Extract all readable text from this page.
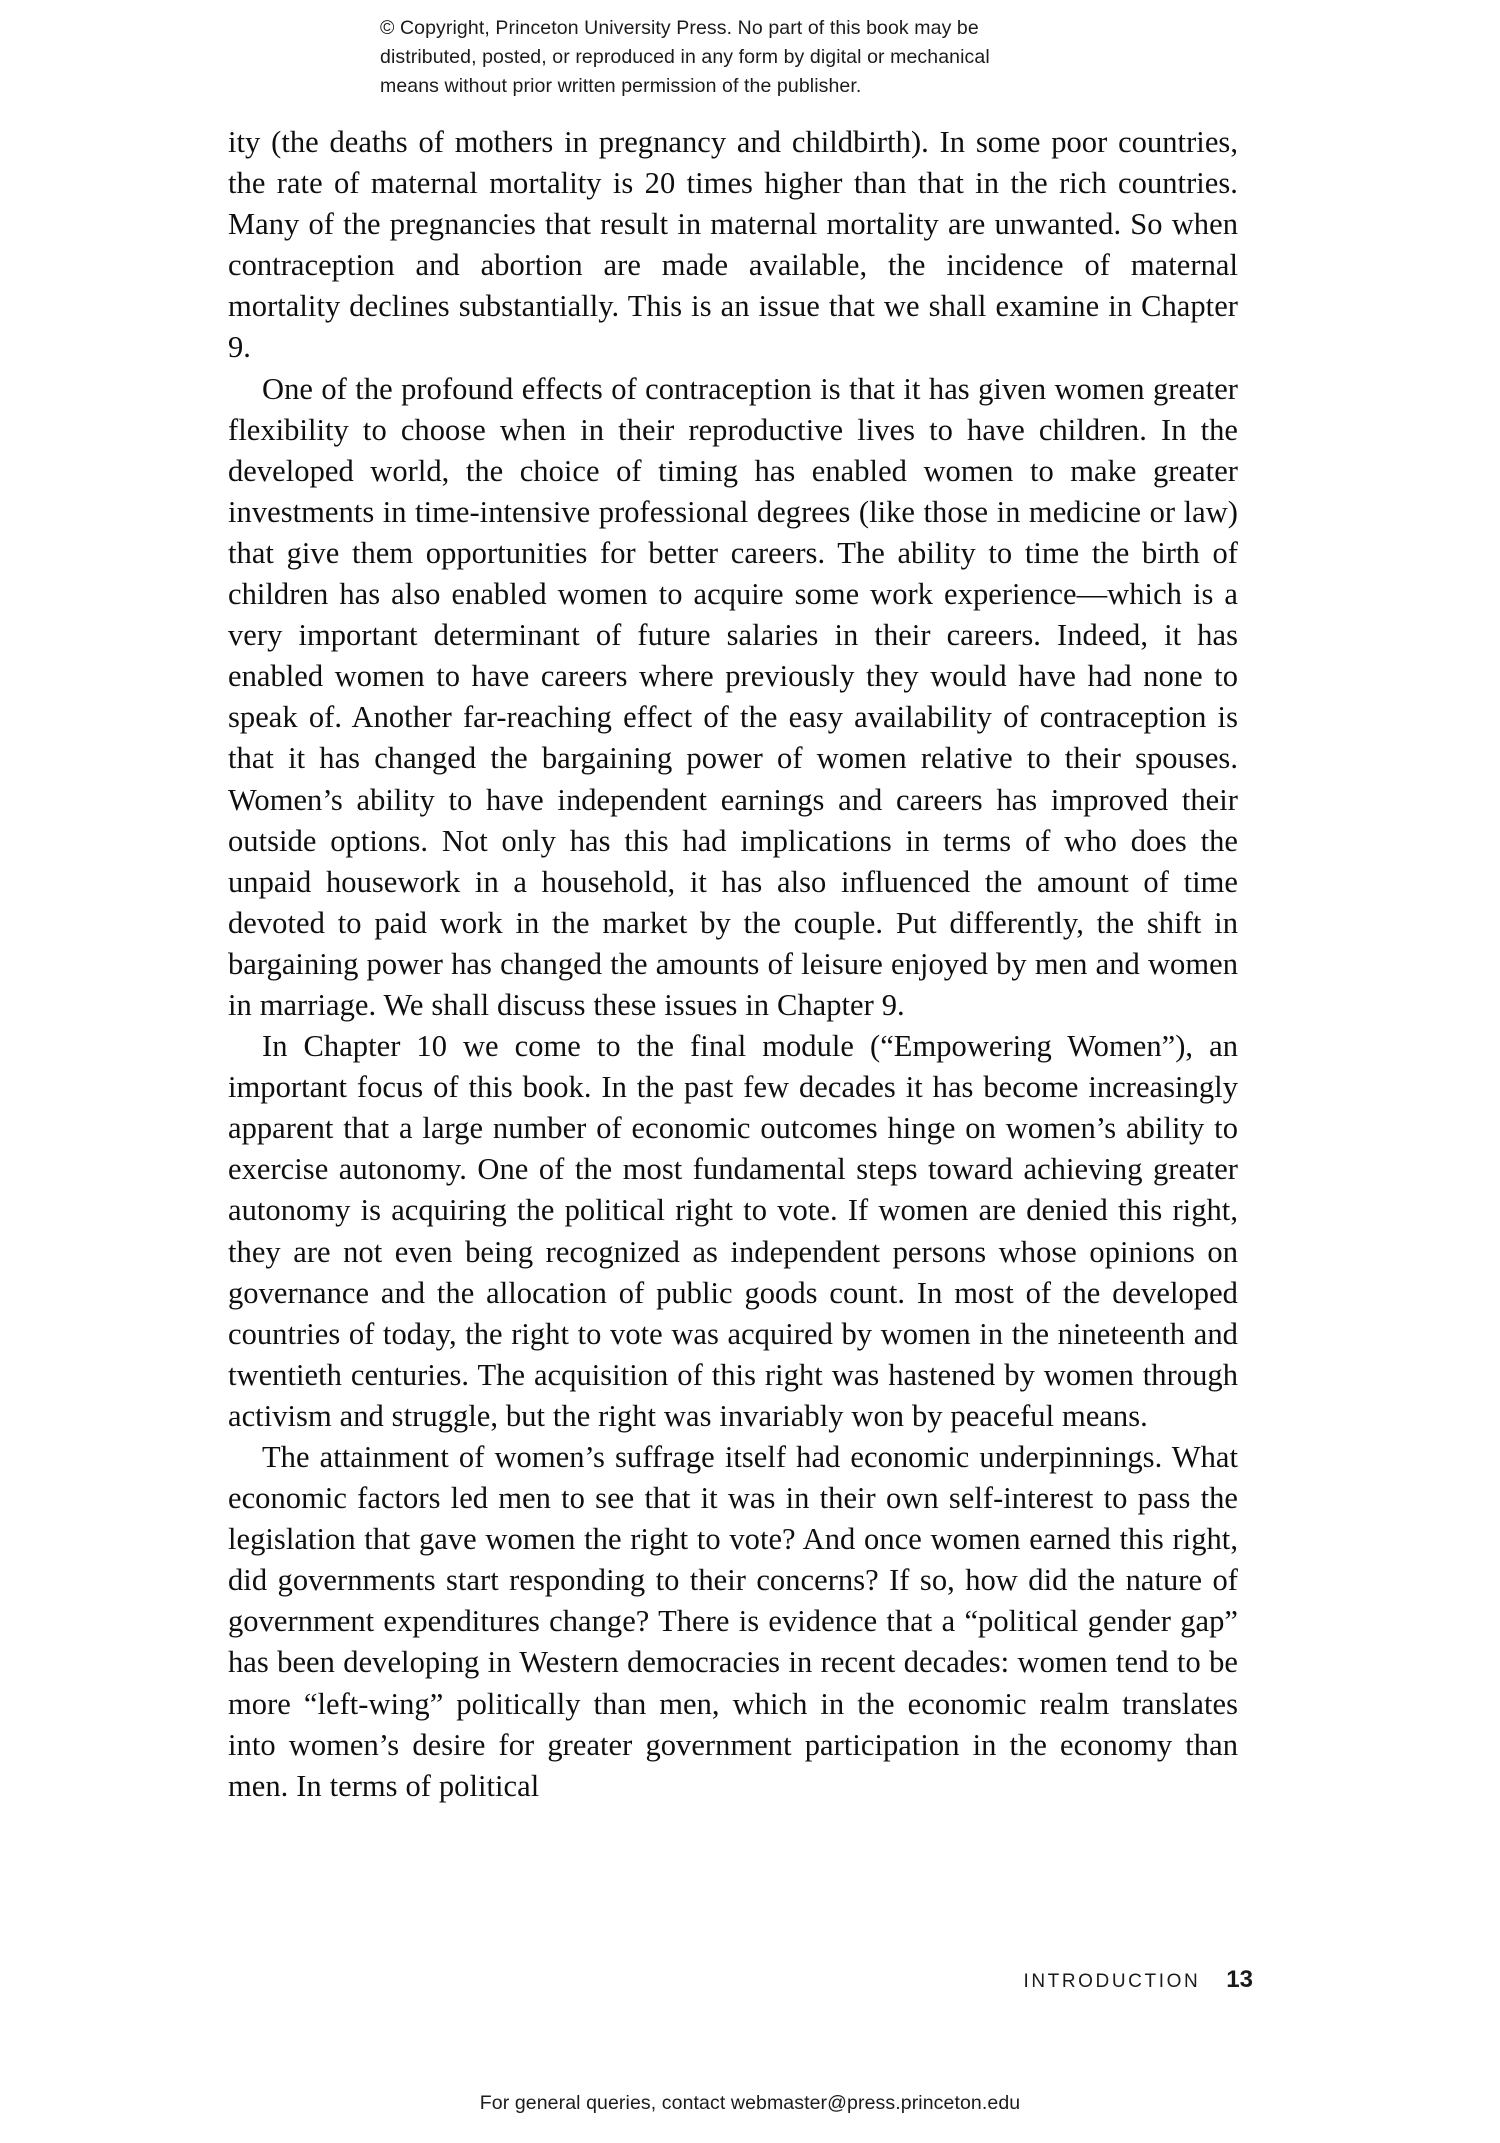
© Copyright, Princeton University Press. No part of this book may be
distributed, posted, or reproduced in any form by digital or mechanical
means without prior written permission of the publisher.

ity (the deaths of mothers in pregnancy and childbirth). In some poor countries, the rate of maternal mortality is 20 times higher than that in the rich countries. Many of the pregnancies that result in maternal mortality are unwanted. So when contraception and abortion are made available, the incidence of maternal mortality declines substantially. This is an issue that we shall examine in Chapter 9.

One of the profound effects of contraception is that it has given women greater flexibility to choose when in their reproductive lives to have children. In the developed world, the choice of timing has enabled women to make greater investments in time-intensive professional degrees (like those in medicine or law) that give them opportunities for better careers. The ability to time the birth of children has also enabled women to acquire some work experience—which is a very important determinant of future salaries in their careers. Indeed, it has enabled women to have careers where previously they would have had none to speak of. Another far-reaching effect of the easy availability of contraception is that it has changed the bargaining power of women relative to their spouses. Women’s ability to have independent earnings and careers has improved their outside options. Not only has this had implications in terms of who does the unpaid housework in a household, it has also influenced the amount of time devoted to paid work in the market by the couple. Put differently, the shift in bargaining power has changed the amounts of leisure enjoyed by men and women in marriage. We shall discuss these issues in Chapter 9.

In Chapter 10 we come to the final module (“Empowering Women”), an important focus of this book. In the past few decades it has become increasingly apparent that a large number of economic outcomes hinge on women’s ability to exercise autonomy. One of the most fundamental steps toward achieving greater autonomy is acquiring the political right to vote. If women are denied this right, they are not even being recognized as independent persons whose opinions on governance and the allocation of public goods count. In most of the developed countries of today, the right to vote was acquired by women in the nineteenth and twentieth centuries. The acquisition of this right was hastened by women through activism and struggle, but the right was invariably won by peaceful means.

The attainment of women’s suffrage itself had economic underpinnings. What economic factors led men to see that it was in their own self-interest to pass the legislation that gave women the right to vote? And once women earned this right, did governments start responding to their concerns? If so, how did the nature of government expenditures change? There is evidence that a “political gender gap” has been developing in Western democracies in recent decades: women tend to be more “left-wing” politically than men, which in the economic realm translates into women’s desire for greater government participation in the economy than men. In terms of political

INTRODUCTION 13
For general queries, contact webmaster@press.princeton.edu
